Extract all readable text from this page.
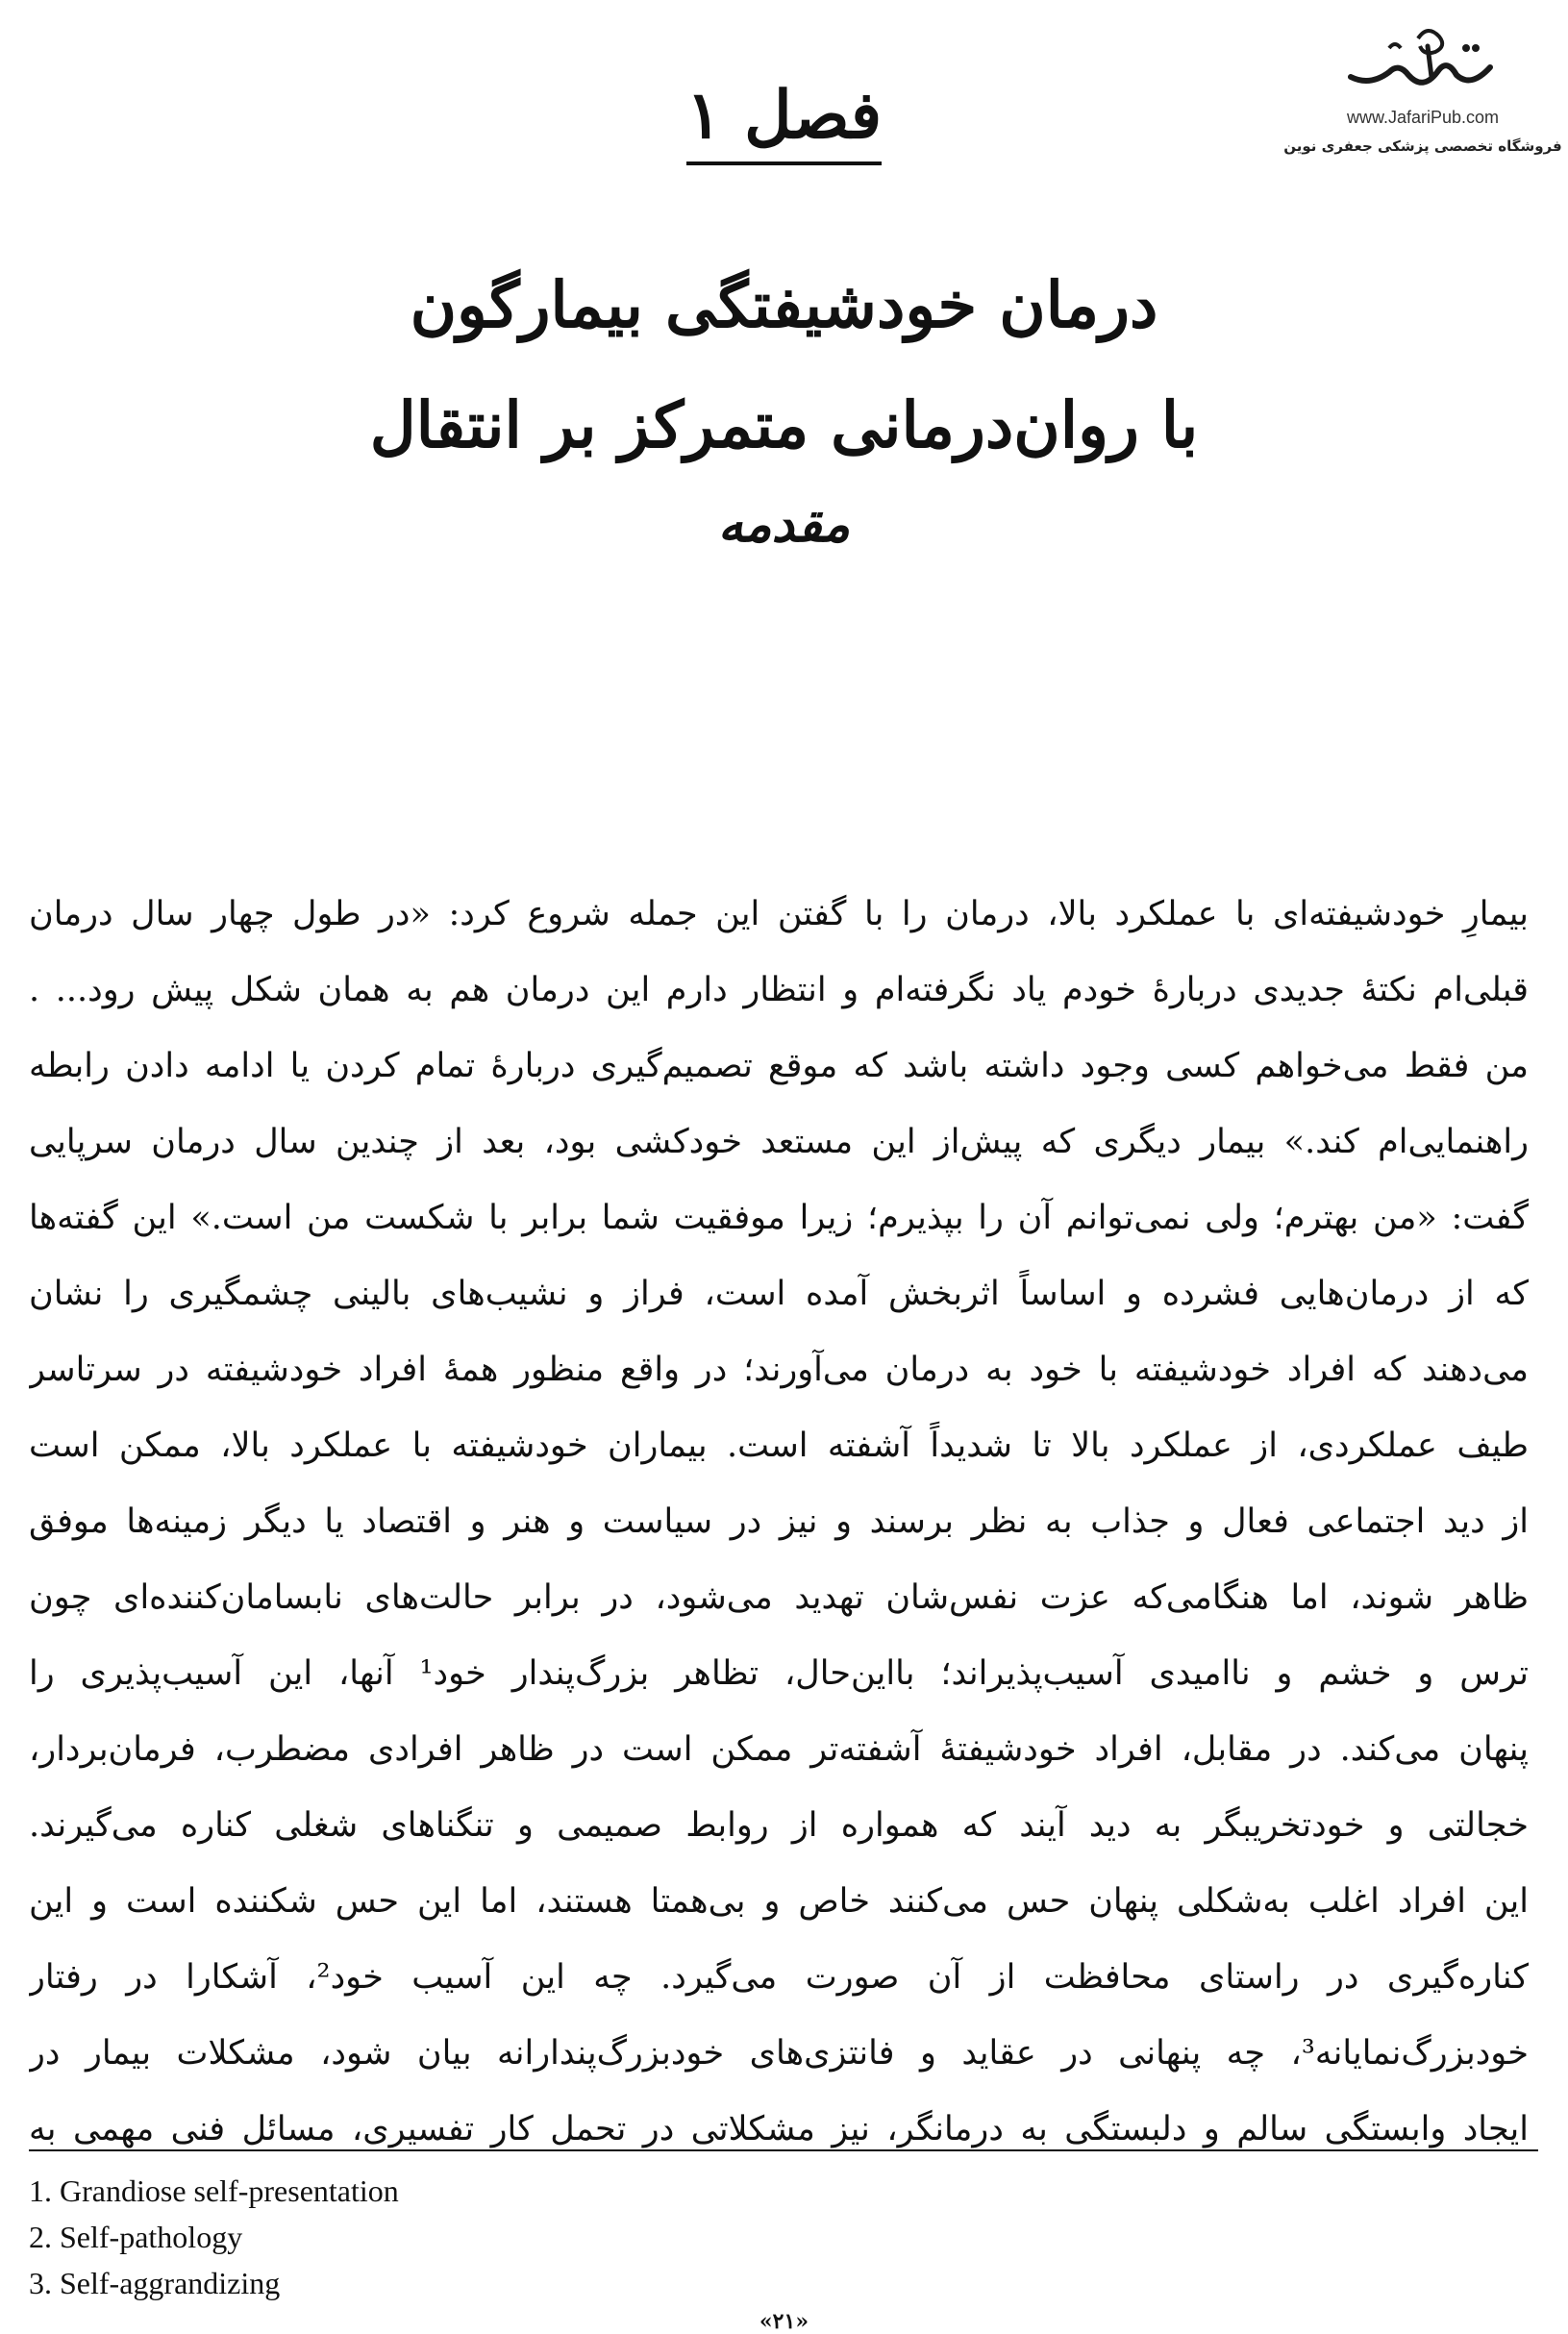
www.JafariPub.com
فروشگاه تخصصی پزشکی جعفری نوین
فصل ۱
درمان خودشیفتگی بیمارگون
با روان‌درمانی متمرکز بر انتقال
مقدمه
بیمارِ خودشیفته‌ای با عملکرد بالا، درمان را با گفتن این جمله شروع کرد: «در طول چهار سال درمان
قبلی‌ام نکتهٔ جدیدی دربارهٔ خودم یاد نگرفته‌ام و انتظار دارم این درمان هم به همان شکل پیش رود... .
من فقط می‌خواهم کسی وجود داشته باشد که موقع تصمیم‌گیری دربارهٔ تمام کردن یا ادامه دادن رابطه
راهنمایی‌ام کند.» بیمار دیگری که پیش‌از این مستعد خودکشی بود، بعد از چندین سال درمان سرپایی
گفت: «من بهترم؛ ولی نمی‌توانم آن را بپذیرم؛ زیرا موفقیت شما برابر با شکست من است.» این گفته‌ها
که از درمان‌هایی فشرده و اساساً اثربخش آمده است، فراز و نشیب‌های بالینی چشمگیری را نشان
می‌دهند که افراد خودشیفته با خود به درمان می‌آورند؛ در واقع منظور همهٔ افراد خودشیفته در سرتاسر
طیف عملکردی، از عملکرد بالا تا شدیداً آشفته است. بیماران خودشیفته با عملکرد بالا، ممکن است
از دید اجتماعی فعال و جذاب به نظر برسند و نیز در سیاست و هنر و اقتصاد یا دیگر زمینه‌ها موفق
ظاهر شوند، اما هنگامی‌که عزت نفس‌شان تهدید می‌شود، در برابر حالت‌های نابسامان‌کننده‌ای چون
ترس و خشم و ناامیدی آسیب‌پذیراند؛ بااین‌حال، تظاهر بزرگ‌پندار خود¹ آنها، این آسیب‌پذیری را
پنهان می‌کند. در مقابل، افراد خودشیفتهٔ آشفته‌تر ممکن است در ظاهر افرادی مضطرب، فرمان‌بردار،
خجالتی و خودتخریبگر به دید آیند که همواره از روابط صمیمی و تنگناهای شغلی کناره می‌گیرند.
این افراد اغلب به‌شکلی پنهان حس می‌کنند خاص و بی‌همتا هستند، اما این حس شکننده است و این
کناره‌گیری در راستای محافظت از آن صورت می‌گیرد. چه این آسیب خود²، آشکارا در رفتار
خودبزرگ‌نمایانه³، چه پنهانی در عقاید و فانتزی‌های خودبزرگ‌پندارانه بیان شود، مشکلات بیمار در
ایجاد وابستگی سالم و دلبستگی به درمانگر، نیز مشکلاتی در تحمل کار تفسیری، مسائل فنی مهمی به
1. Grandiose self-presentation
2. Self-pathology
3. Self-aggrandizing
«۲۱»
